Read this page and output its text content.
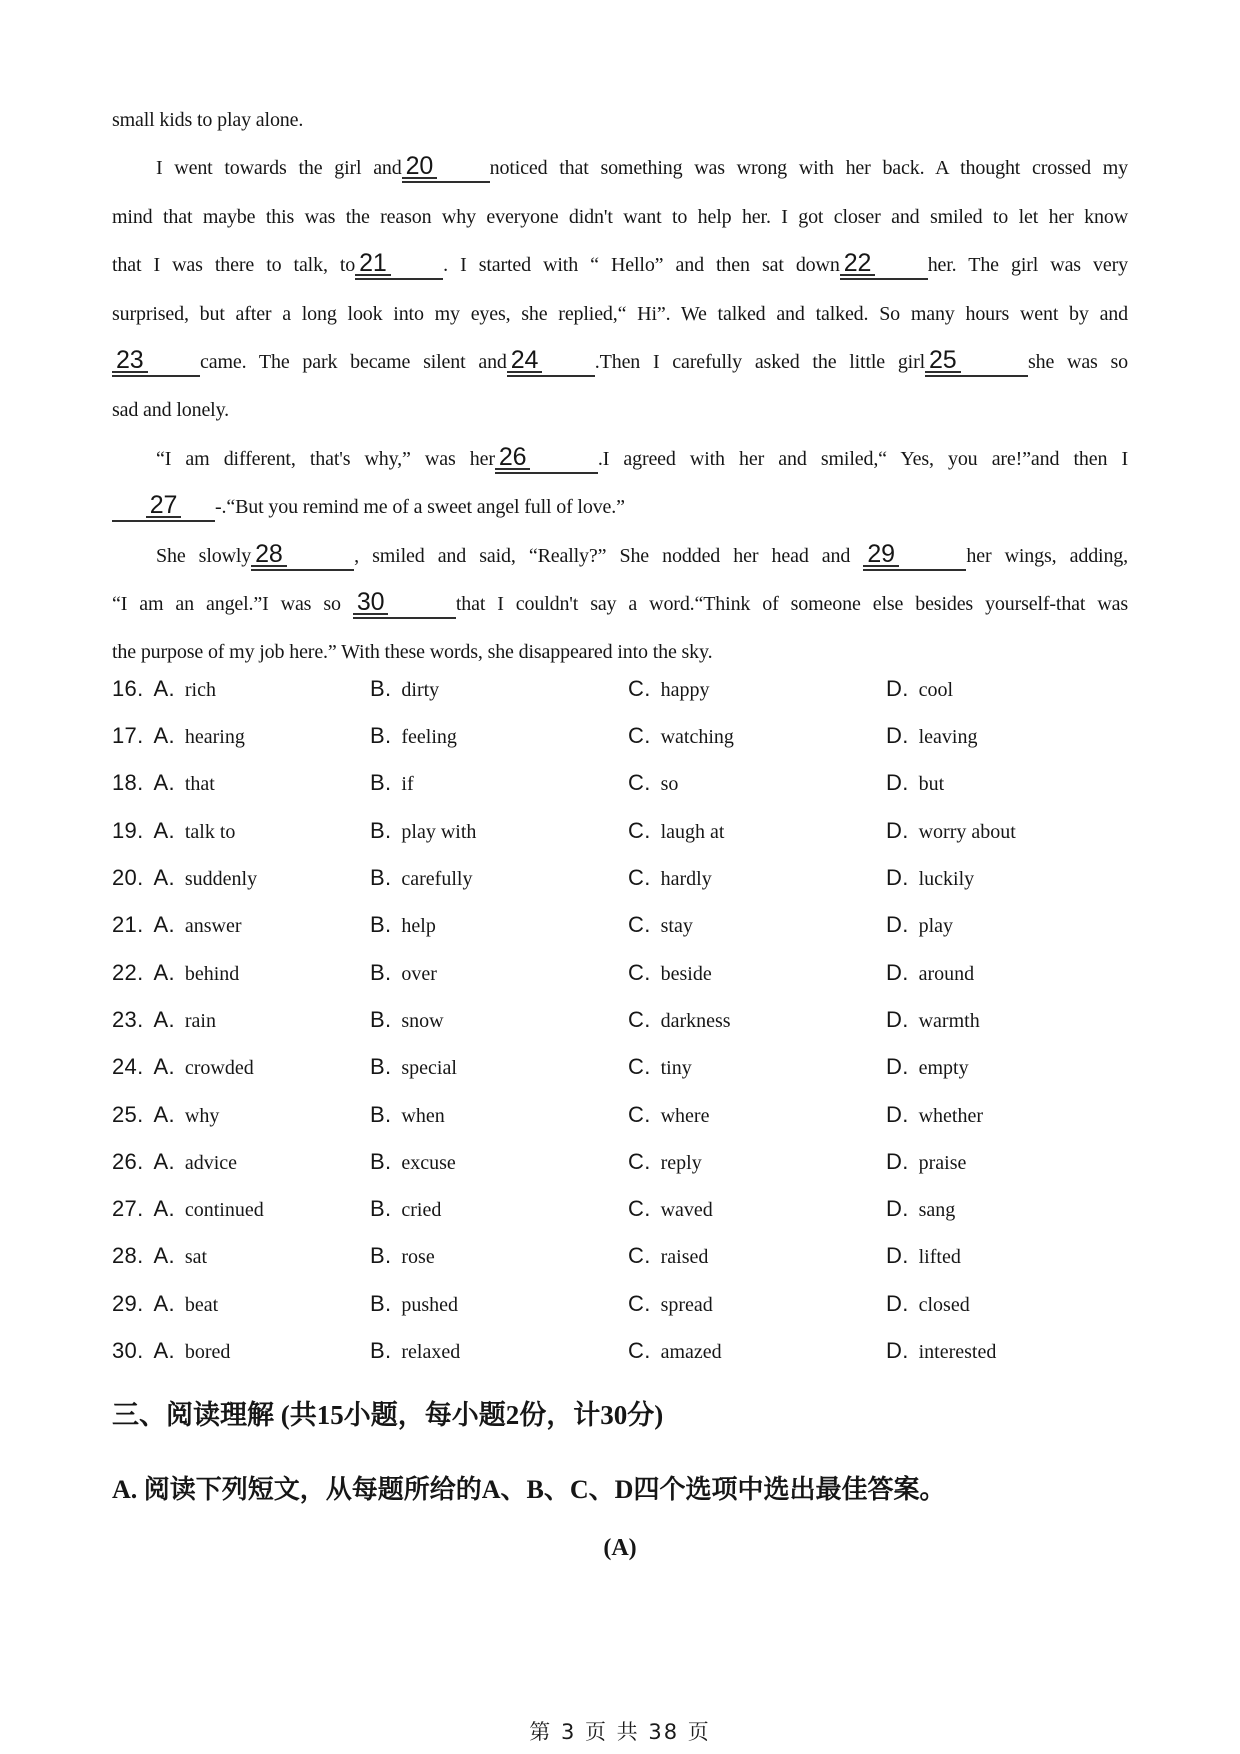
small kids to play alone.
I went towards the girl and 20	noticed that something was wrong with her back. A thought crossed my
mind that maybe this was the reason why everyone didn't want to help her. I got closer and smiled to let her know
that I was there to talk, to 21	. I started with “ Hello” and then sat down 22	her. The girl was very
surprised, but after a long look into my eyes, she replied,“ Hi”. We talked and talked. So many hours went by and
23	came. The park became silent and 24	.Then I carefully asked the little girl 25	she was so
sad and lonely.
“I am different, that's why,” was her 26	.I agreed with her and smiled,“ Yes, you are!”and then I
27 -.“But you remind me of a sweet angel full of love.”
She slowly 28	, smiled and said, “Really?” She nodded her head and 29	her wings, adding,
“I am an angel.”I was so 30	that I couldn't say a word.“Think of someone else besides yourself-that was
the purpose of my job here.” With these words, she disappeared into the sky.
16. A. rich	B. dirty	C. happy	D. cool
17. A. hearing	B. feeling	C. watching	D. leaving
18. A. that	B. if	C. so	D. but
19. A. talk to	B. play with	C. laugh at	D. worry about
20. A. suddenly	B. carefully	C. hardly	D. luckily
21. A. answer	B. help	C. stay	D. play
22. A. behind	B. over	C. beside	D. around
23. A. rain	B. snow	C. darkness	D. warmth
24. A. crowded	B. special	C. tiny	D. empty
25. A. why	B. when	C. where	D. whether
26. A. advice	B. excuse	C. reply	D. praise
27. A. continued	B. cried	C. waved	D. sang
28. A. sat	B. rose	C. raised	D. lifted
29. A. beat	B. pushed	C. spread	D. closed
30. A. bored	B. relaxed	C. amazed	D. interested
三、阅读理解 (共15小题，每小题2份，计30分)
A. 阅读下列短文，从每题所给的A、B、C、D四个选项中选出最佳答案。
(A)
第 3 页 共 38 页
